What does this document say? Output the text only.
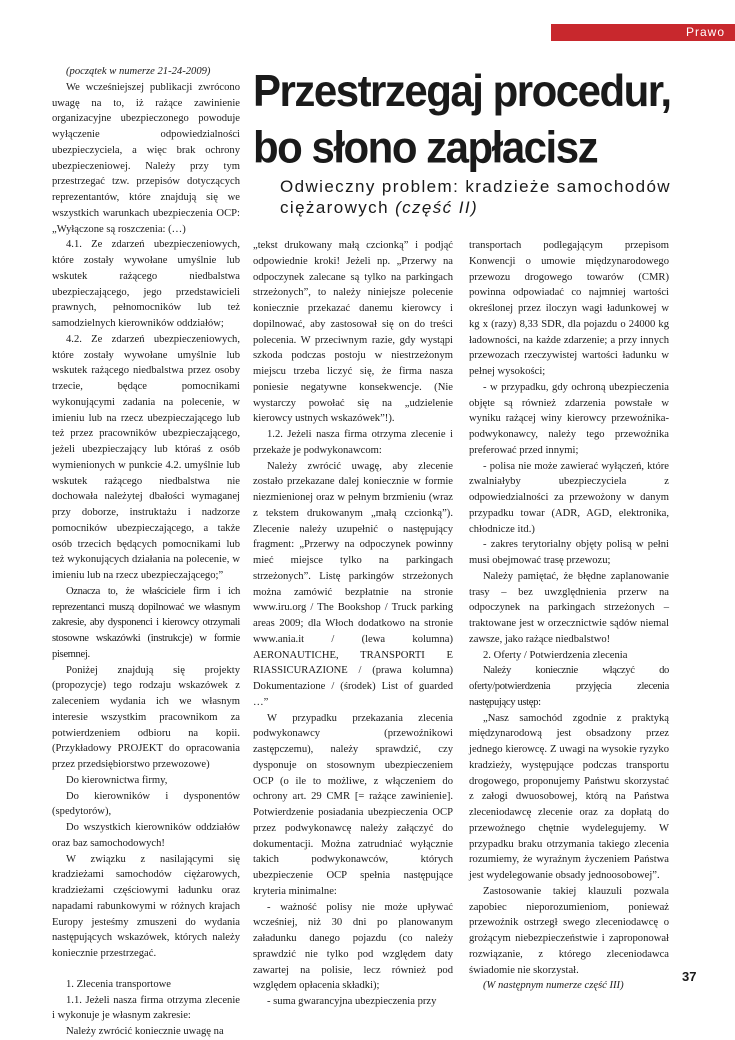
Prawo
Przestrzegaj procedur,
bo słono zapłacisz
Odwieczny problem: kradzieże samochodów ciężarowych (część II)

(początek w numerze 21-24-2009)

We wcześniejszej publikacji zwrócono uwagę na to, iż rażące zawinienie organizacyjne ubezpieczonego powoduje wyłączenie odpowiedzialności ubezpieczyciela, a więc brak ochrony ubezpieczeniowej. Należy przy tym przestrzegać tzw. przepisów dotyczących reprezentantów, które znajdują się we wszystkich warunkach ubezpieczenia OCP: „Wyłączone są roszczenia: (…)

4.1. Ze zdarzeń ubezpieczeniowych, które zostały wywołane umyślnie lub wskutek rażącego niedbalstwa ubezpieczającego, jego przedstawicieli prawnych, pełnomocników lub też samodzielnych kierowników oddziałów;

4.2. Ze zdarzeń ubezpieczeniowych, które zostały wywołane umyślnie lub wskutek rażącego niedbalstwa przez osoby trzecie, będące pomocnikami wykonującymi zadania na polecenie, w imieniu lub na rzecz ubezpieczającego lub też przez pracowników ubezpieczającego, jeżeli ubezpieczający lub któraś z osób wymienionych w punkcie 4.2. umyślnie lub wskutek rażącego niedbalstwa nie dochowała należytej dbałości wymaganej przy doborze, instruktażu i nadzorze pomocników ubezpieczającego, a także osób trzecich będących pomocnikami lub też wykonujących działania na polecenie, w imieniu lub na rzecz ubezpieczającego;”

Oznacza to, że właściciele firm i ich reprezentanci muszą dopilnować we własnym zakresie, aby dysponenci i kierowcy otrzymali stosowne wskazówki (instrukcje) w formie pisemnej.

Poniżej znajdują się projekty (propozycje) tego rodzaju wskazówek z zaleceniem wydania ich we własnym interesie wszystkim pracownikom za potwierdzeniem odbioru na kopii. (Przykładowy PROJEKT do opracowania przez przedsiębiorstwo przewozowe)

Do kierownictwa firmy,

Do kierowników i dysponentów (spedytorów),

Do wszystkich kierowników oddziałów oraz baz samochodowych!

W związku z nasilającymi się kradzieżami samochodów ciężarowych, kradzieżami częściowymi ładunku oraz napadami rabunkowymi w różnych krajach Europy jesteśmy zmuszeni do wydania następujących wskazówek, których należy koniecznie przestrzegać.

1. Zlecenia transportowe

1.1. Jeżeli nasza firma otrzyma zlecenie i wykonuje je własnym zakresie:

Należy zwrócić koniecznie uwagę na

„tekst drukowany małą czcionką” i podjąć odpowiednie kroki! Jeżeli np. „Przerwy na odpoczynek zalecane są tylko na parkingach strzeżonych”, to należy niniejsze polecenie koniecznie przekazać danemu kierowcy i dopilnować, aby zastosował się on do treści polecenia. W przeciwnym razie, gdy wystąpi szkoda podczas postoju w niestrzeżonym miejscu trzeba liczyć się, że firma nasza poniesie negatywne konsekwencje. (Nie wystarczy powołać się na „udzielenie kierowcy ustnych wskazówek”!).

1.2. Jeżeli nasza firma otrzyma zlecenie i przekaże je podwykonawcom:

Należy zwrócić uwagę, aby zlecenie zostało przekazane dalej koniecznie w formie niezmienionej oraz w pełnym brzmieniu (wraz z tekstem drukowanym „małą czcionką”). Zlecenie należy uzupełnić o następujący fragment: „Przerwy na odpoczynek powinny mieć miejsce tylko na parkingach strzeżonych”. Listę parkingów strzeżonych można zamówić bezpłatnie na stronie www.iru.org / The Bookshop / Truck parking areas 2009; dla Włoch dodatkowo na stronie www.ania.it / (lewa kolumna) AERONAUTICHE, TRANSPORTI E RIASSICURAZIONE / (prawa kolumna) Dokumentazione / (środek) List of guarded …”

W przypadku przekazania zlecenia podwykonawcy (przewoźnikowi zastępczemu), należy sprawdzić, czy dysponuje on stosownym ubezpieczeniem OCP (o ile to możliwe, z włączeniem do ochrony art. 29 CMR [= rażące zawinienie]. Potwierdzenie posiadania ubezpieczenia OCP przez podwykonawcę należy załączyć do dokumentacji. Można zatrudniać wyłącznie takich podwykonawców, których ubezpieczenie OCP spełnia następujące kryteria minimalne:

- ważność polisy nie może upływać wcześniej, niż 30 dni po planowanym załadunku danego pojazdu (co należy sprawdzić nie tylko pod względem daty zawartej na polisie, lecz również pod względem opłacenia składki);

- suma gwarancyjna ubezpieczenia przy

transportach podlegającym przepisom Konwencji o umowie międzynarodowego przewozu drogowego towarów (CMR) powinna odpowiadać co najmniej wartości określonej przez iloczyn wagi ładunkowej w kg x (razy) 8,33 SDR, dla pojazdu o 24000 kg ładowności, na każde zdarzenie; a przy innych przewozach rzeczywistej wartości ładunku w pełnej wysokości;

- w przypadku, gdy ochroną ubezpieczenia objęte są również zdarzenia powstałe w wyniku rażącej winy kierowcy przewoźnika-podwykonawcy, należy tego przewoźnika preferować przed innymi;

- polisa nie może zawierać wyłączeń, które zwalniałyby ubezpieczyciela z odpowiedzialności za przewożony w danym przypadku towar (ADR, AGD, elektronika, chłodnicze itd.)

- zakres terytorialny objęty polisą w pełni musi obejmować trasę przewozu;

Należy pamiętać, że błędne zaplanowanie trasy – bez uwzględnienia przerw na odpoczynek na parkingach strzeżonych – traktowane jest w orzecznictwie sądów niemal zawsze, jako rażące niedbalstwo!

2. Oferty / Potwierdzenia zlecenia

Należy koniecznie włączyć do oferty/potwierdzenia przyjęcia zlecenia następujący ustęp:

„Nasz samochód zgodnie z praktyką międzynarodową jest obsadzony przez jednego kierowcę. Z uwagi na wysokie ryzyko kradzieży, występujące podczas transportu drogowego, proponujemy Państwu skorzystać z załogi dwuosobowej, którą na Państwa zleceniodawcę zlecenie oraz za dopłatą do przewoźnego chętnie wydelegujemy. W przypadku braku otrzymania takiego zlecenia rozumiemy, że wyraźnym życzeniem Państwa jest wydelegowanie obsady jednoosobowej”.

Zastosowanie takiej klauzuli pozwala zapobiec nieporozumieniom, ponieważ przewoźnik ostrzegł swego zleceniodawcę o grożącym niebezpieczeństwie i zaproponował rozwiązanie, z którego zleceniodawca świadomie nie skorzystał.

(W następnym numerze część III)

37
